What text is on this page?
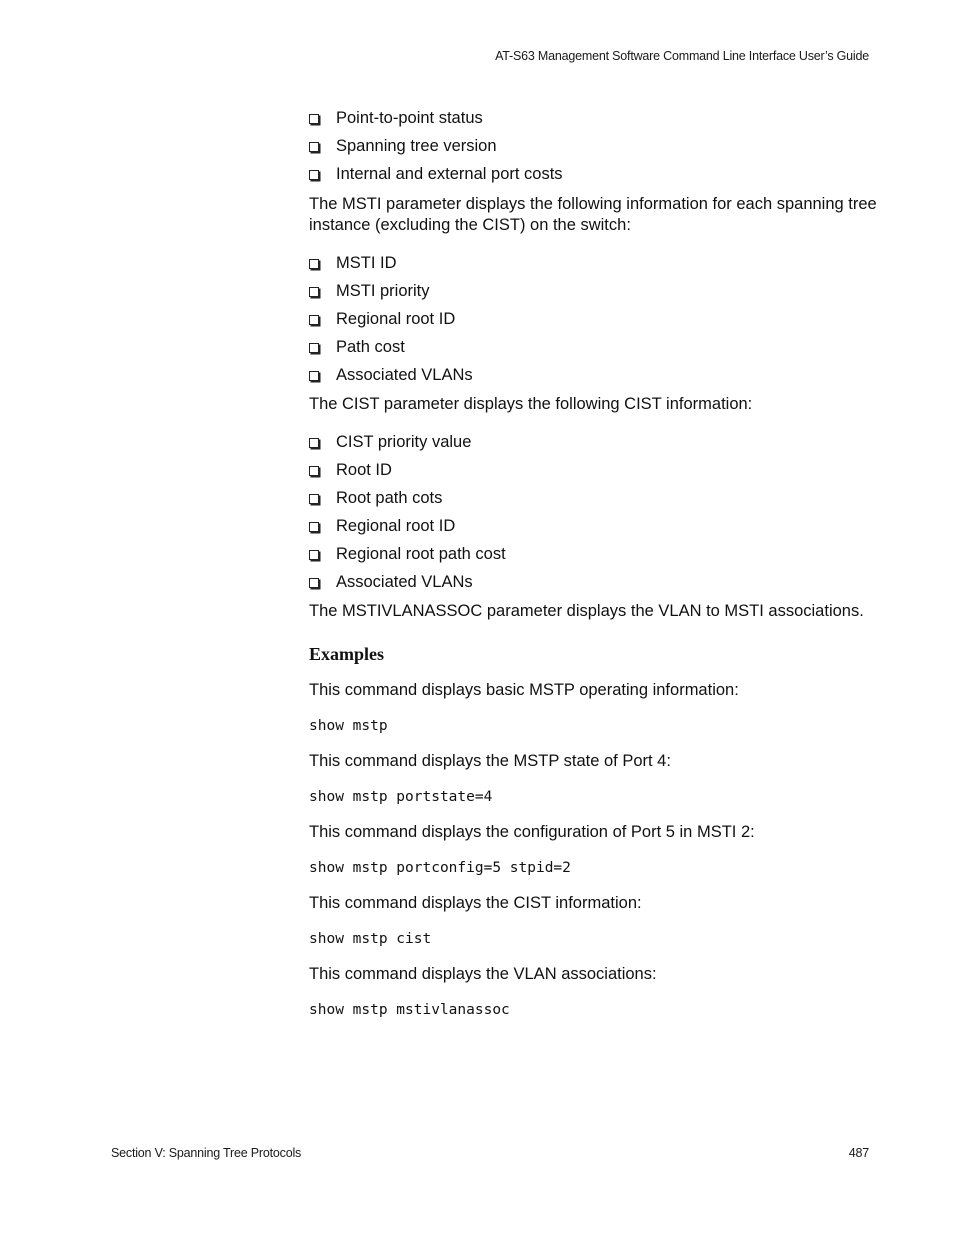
AT-S63 Management Software Command Line Interface User’s Guide
Point-to-point status
Spanning tree version
Internal and external port costs

The MSTI parameter displays the following information for each spanning tree instance (excluding the CIST) on the switch:

MSTI ID
MSTI priority
Regional root ID
Path cost
Associated VLANs

The CIST parameter displays the following CIST information:

CIST priority value
Root ID
Root path cots
Regional root ID
Regional root path cost
Associated VLANs

The MSTIVLANASSOC parameter displays the VLAN to MSTI associations.

Examples

This command displays basic MSTP operating information:

show mstp

This command displays the MSTP state of Port 4:

show mstp portstate=4

This command displays the configuration of Port 5 in MSTI 2:

show mstp portconfig=5 stpid=2

This command displays the CIST information:

show mstp cist

This command displays the VLAN associations:

show mstp mstivlanassoc

Section V: Spanning Tree Protocols	487
